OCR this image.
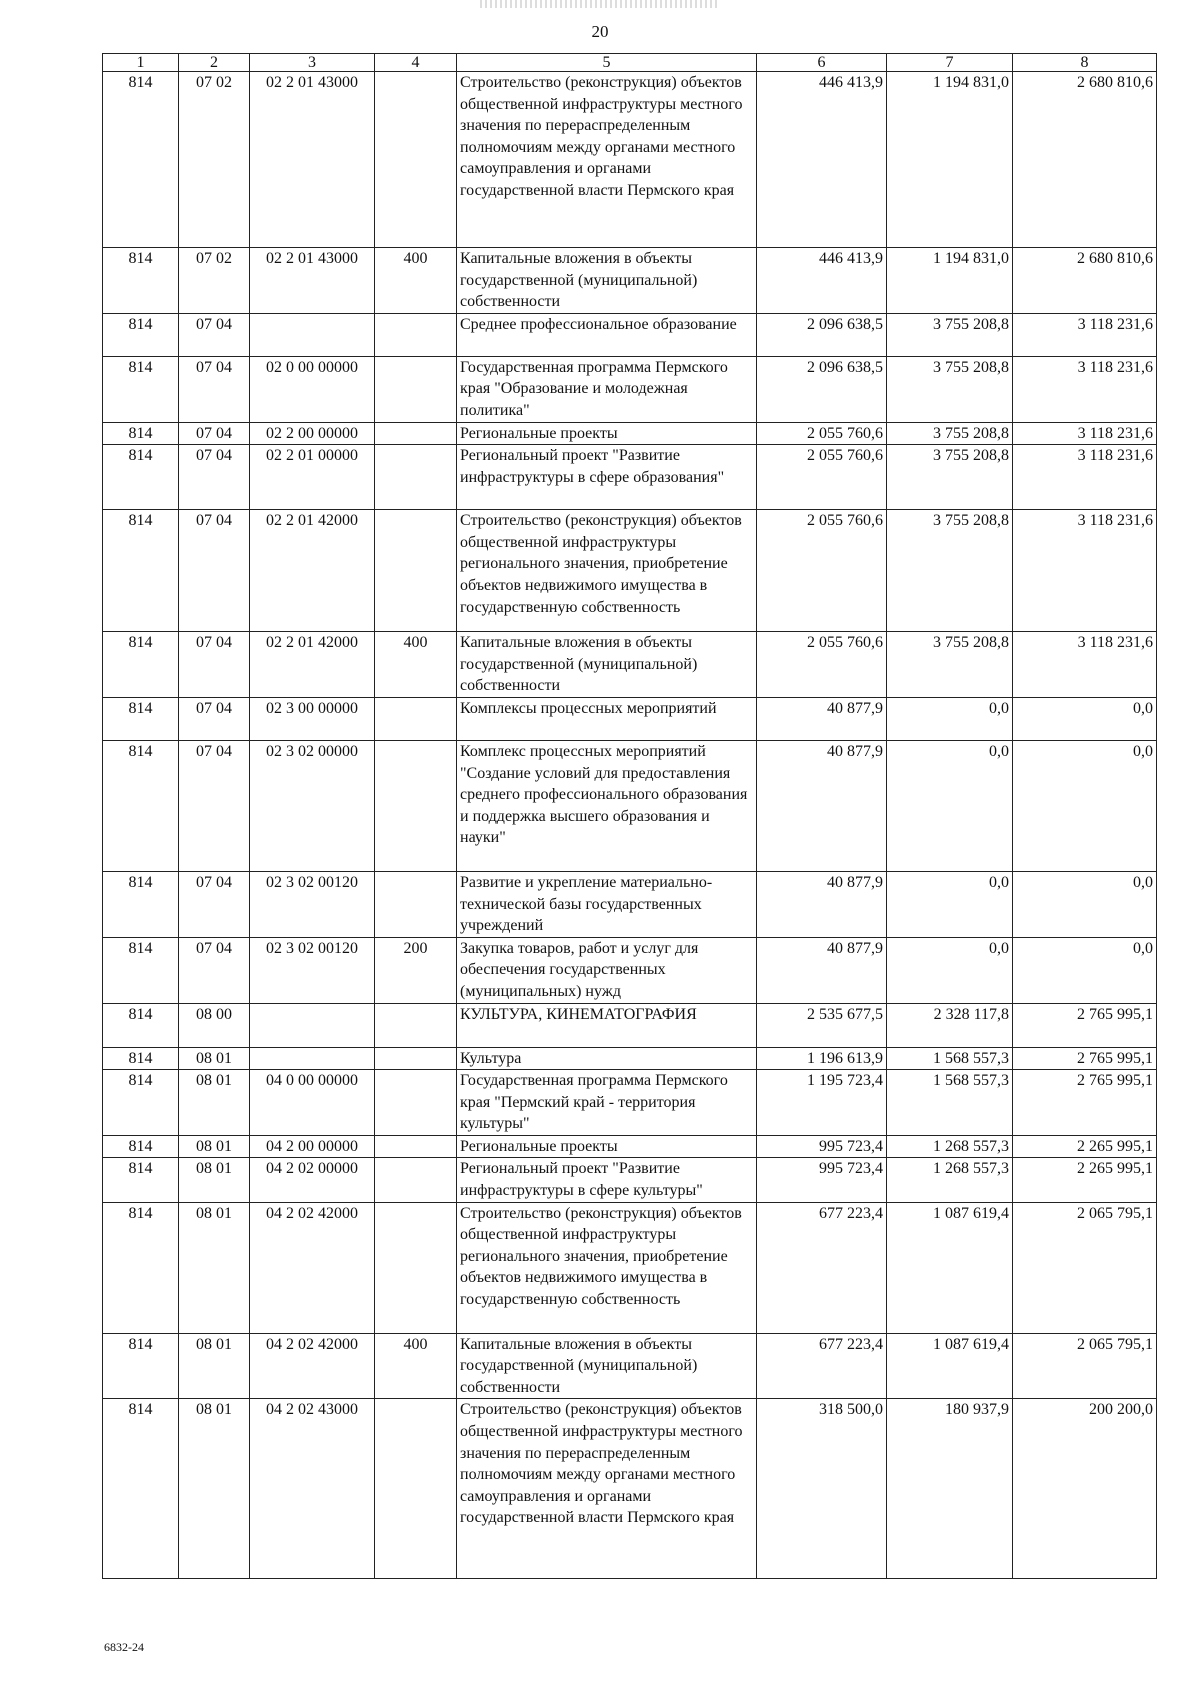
20
1	2	3	4	5	6	7	8
814	07 02	02 2 01 43000		Строительство (реконструкция) объектов общественной инфраструктуры местного значения по перераспределенным полномочиям между органами местного самоуправления и органами государственной власти Пермского края	446 413,9	1 194 831,0	2 680 810,6
814	07 02	02 2 01 43000	400	Капитальные вложения в объекты государственной (муниципальной) собственности	446 413,9	1 194 831,0	2 680 810,6
814	07 04			Среднее профессиональное образование	2 096 638,5	3 755 208,8	3 118 231,6
814	07 04	02 0 00 00000		Государственная программа Пермского края "Образование и молодежная политика"	2 096 638,5	3 755 208,8	3 118 231,6
814	07 04	02 2 00 00000		Региональные проекты	2 055 760,6	3 755 208,8	3 118 231,6
814	07 04	02 2 01 00000		Региональный проект "Развитие инфраструктуры в сфере образования"	2 055 760,6	3 755 208,8	3 118 231,6
814	07 04	02 2 01 42000		Строительство (реконструкция) объектов общественной инфраструктуры регионального значения, приобретение объектов недвижимого имущества в государственную собственность	2 055 760,6	3 755 208,8	3 118 231,6
814	07 04	02 2 01 42000	400	Капитальные вложения в объекты государственной (муниципальной) собственности	2 055 760,6	3 755 208,8	3 118 231,6
814	07 04	02 3 00 00000		Комплексы процессных мероприятий	40 877,9	0,0	0,0
814	07 04	02 3 02 00000		Комплекс процессных мероприятий "Создание условий для предоставления среднего профессионального образования и поддержка высшего образования и науки"	40 877,9	0,0	0,0
814	07 04	02 3 02 00120		Развитие и укрепление материально-технической базы государственных учреждений	40 877,9	0,0	0,0
814	07 04	02 3 02 00120	200	Закупка товаров, работ и услуг для обеспечения государственных (муниципальных) нужд	40 877,9	0,0	0,0
814	08 00			КУЛЬТУРА, КИНЕМАТОГРАФИЯ	2 535 677,5	2 328 117,8	2 765 995,1
814	08 01			Культура	1 196 613,9	1 568 557,3	2 765 995,1
814	08 01	04 0 00 00000		Государственная программа Пермского края "Пермский край - территория культуры"	1 195 723,4	1 568 557,3	2 765 995,1
814	08 01	04 2 00 00000		Региональные проекты	995 723,4	1 268 557,3	2 265 995,1
814	08 01	04 2 02 00000		Региональный проект "Развитие инфраструктуры в сфере культуры"	995 723,4	1 268 557,3	2 265 995,1
814	08 01	04 2 02 42000		Строительство (реконструкция) объектов общественной инфраструктуры регионального значения, приобретение объектов недвижимого имущества в государственную собственность	677 223,4	1 087 619,4	2 065 795,1
814	08 01	04 2 02 42000	400	Капитальные вложения в объекты государственной (муниципальной) собственности	677 223,4	1 087 619,4	2 065 795,1
814	08 01	04 2 02 43000		Строительство (реконструкция) объектов общественной инфраструктуры местного значения по перераспределенным полномочиям между органами местного самоуправления и органами государственной власти Пермского края	318 500,0	180 937,9	200 200,0
6832-24
